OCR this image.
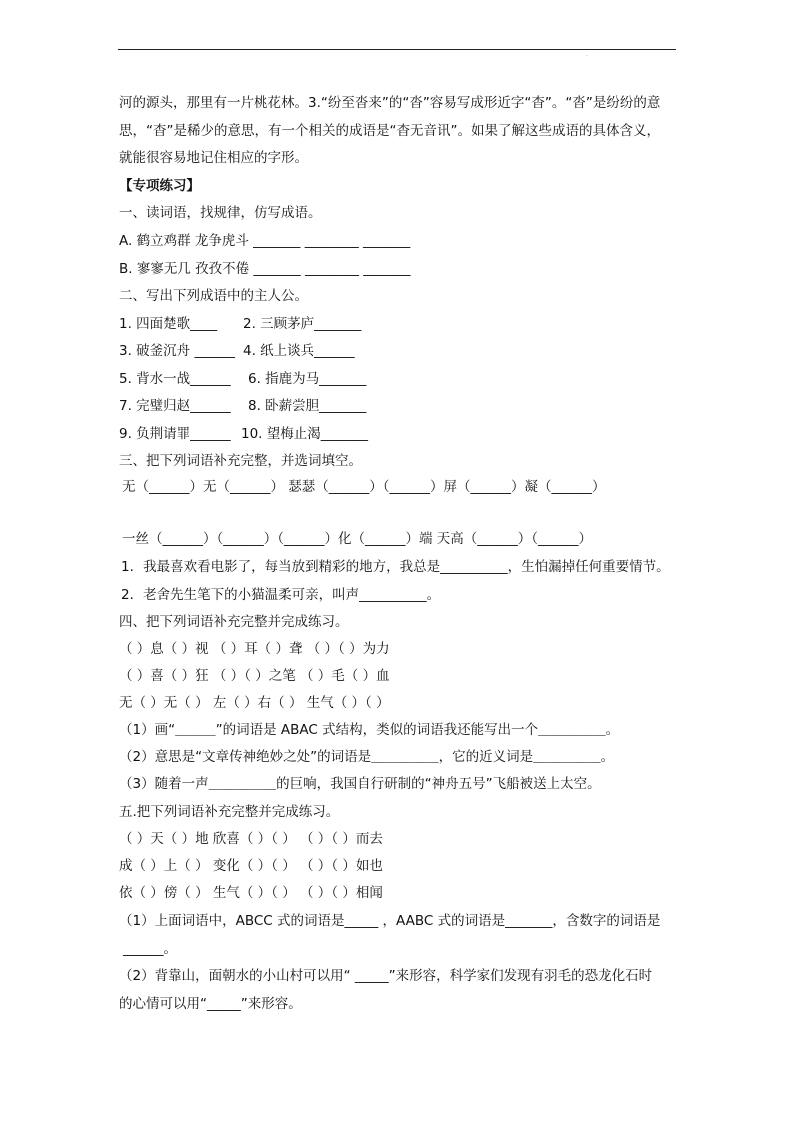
.
河的源头，那里有一片桃花林。3.“纷至沓来”的“沓”容易写成形近字“杳”。“沓”是纷纷的意
思，“杳”是稀少的意思，有一个相关的成语是“杳无音讯”。如果了解这些成语的具体含义，
就能很容易地记住相应的字形。
【专项练习】
一、读词语，找规律，仿写成语。
A. 鹤立鸡群 龙争虎斗 _______ ________ _______
B. 寥寥无几 孜孜不倦 _______ ________ _______
二、写出下列成语中的主人公。
1. 四面楚歌____ 2. 三顾茅庐_______
3. 破釜沉舟 ______ 4. 纸上谈兵______
5. 背水一战______ 6. 指鹿为马_______
7. 完璧归赵______ 8. 卧薪尝胆_______
9. 负荆请罪______ 10. 望梅止渴_______
三、把下列词语补充完整，并选词填空。
无（______）无（______） 瑟瑟（______）（______）屏（______）凝（______）
一丝（______）（______）（______）化（______）端 天高（______）（______）
1．我最喜欢看电影了，每当放到精彩的地方，我总是__________，生怕漏掉任何重要情节。
2．老舍先生笔下的小猫温柔可亲，叫声__________。
四、把下列词语补充完整并完成练习。
（ ）息（ ）视 （ ）耳（ ）聋 （ ）（ ）为力
（ ）喜（ ）狂 （ ）（ ）之笔 （ ）毛（ ）血
无（ ）无（ ） 左（ ）右（ ） 生气（ ）（ ）
（1）画“＿＿＿”的词语是 ABAC 式结构，类似的词语我还能写出一个＿＿＿＿＿。
（2）意思是“文章传神绝妙之处”的词语是＿＿＿＿＿，它的近义词是＿＿＿＿＿。
（3）随着一声＿＿＿＿＿的巨响，我国自行研制的“神舟五号”飞船被送上太空。
五.把下列词语补充完整并完成练习。
（ ）天（ ）地 欣喜（ ）（ ） （ ）（ ）而去
成（ ）上（ ） 变化（ ）（ ） （ ）（ ）如也
依（ ）傍（ ） 生气（ ）（ ） （ ）（ ）相闻
（1）上面词语中，ABCC 式的词语是_____ ，AABC 式的词语是_______，含数字的词语是
______。
（2）背靠山，面朝水的小山村可以用“ _____”来形容，科学家们发现有羽毛的恐龙化石时
的心情可以用“_____”来形容。
